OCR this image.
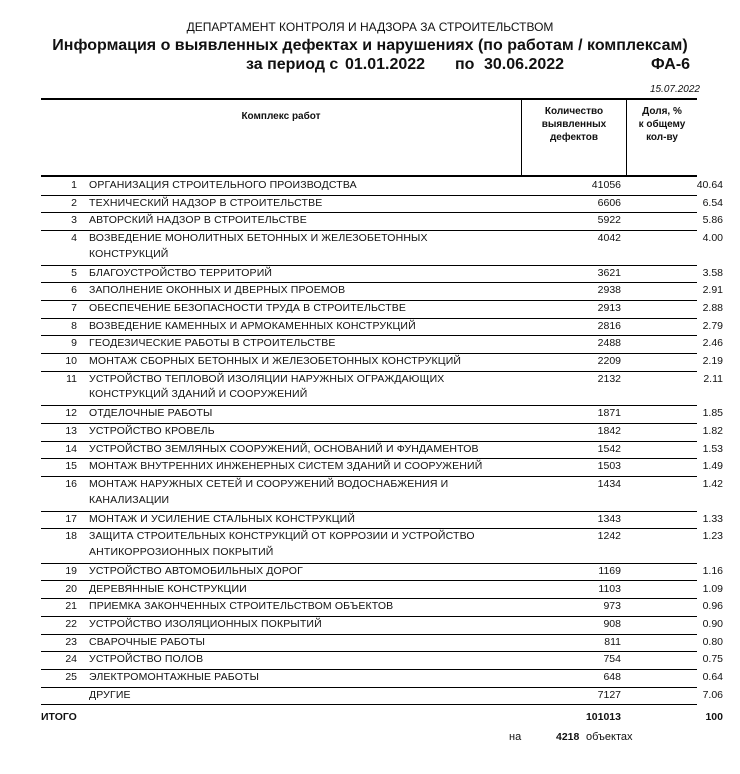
ДЕПАРТАМЕНТ КОНТРОЛЯ И НАДЗОРА ЗА СТРОИТЕЛЬСТВОМ
Информация о выявленных дефектах и нарушениях (по работам / комплексам)
за период с 01.01.2022 по 30.06.2022	ФА-6
15.07.2022
Комплекс работ	Количество
выявленных
дефектов
Доля, %
к общему
кол-ву
1 ОРГАНИЗАЦИЯ СТРОИТЕЛЬНОГО ПРОИЗВОДСТВА	41056	40.64
2 ТЕХНИЧЕСКИЙ НАДЗОР В СТРОИТЕЛЬСТВЕ	6606	6.54
3 АВТОРСКИЙ НАДЗОР В СТРОИТЕЛЬСТВЕ	5922	5.86
4 ВОЗВЕДЕНИЕ МОНОЛИТНЫХ БЕТОННЫХ И ЖЕЛЕЗОБЕТОННЫХ
КОНСТРУКЦИЙ
4042	4.00
5 БЛАГОУСТРОЙСТВО ТЕРРИТОРИЙ	3621	3.58
6 ЗАПОЛНЕНИЕ ОКОННЫХ И ДВЕРНЫХ ПРОЕМОВ	2938	2.91
7 ОБЕСПЕЧЕНИЕ БЕЗОПАСНОСТИ ТРУДА В СТРОИТЕЛЬСТВЕ	2913	2.88
8 ВОЗВЕДЕНИЕ КАМЕННЫХ И АРМОКАМЕННЫХ КОНСТРУКЦИЙ	2816	2.79
9 ГЕОДЕЗИЧЕСКИЕ РАБОТЫ В СТРОИТЕЛЬСТВЕ	2488	2.46
10 МОНТАЖ СБОРНЫХ БЕТОННЫХ И ЖЕЛЕЗОБЕТОННЫХ КОНСТРУКЦИЙ	2209	2.19
11 УСТРОЙСТВО ТЕПЛОВОЙ ИЗОЛЯЦИИ НАРУЖНЫХ ОГРАЖДАЮЩИХ
КОНСТРУКЦИЙ ЗДАНИЙ И СООРУЖЕНИЙ
2132	2.11
12 ОТДЕЛОЧНЫЕ РАБОТЫ	1871	1.85
13 УСТРОЙСТВО КРОВЕЛЬ	1842	1.82
14 УСТРОЙСТВО ЗЕМЛЯНЫХ СООРУЖЕНИЙ, ОСНОВАНИЙ И ФУНДАМЕНТОВ	1542	1.53
15 МОНТАЖ ВНУТРЕННИХ ИНЖЕНЕРНЫХ СИСТЕМ ЗДАНИЙ И СООРУЖЕНИЙ	1503	1.49
16 МОНТАЖ НАРУЖНЫХ СЕТЕЙ И СООРУЖЕНИЙ ВОДОСНАБЖЕНИЯ И
КАНАЛИЗАЦИИ
1434	1.42
17 МОНТАЖ И УСИЛЕНИЕ СТАЛЬНЫХ КОНСТРУКЦИЙ	1343	1.33
18 ЗАЩИТА СТРОИТЕЛЬНЫХ КОНСТРУКЦИЙ ОТ КОРРОЗИИ И УСТРОЙСТВО
АНТИКОРРОЗИОННЫХ ПОКРЫТИЙ
1242	1.23
19 УСТРОЙСТВО АВТОМОБИЛЬНЫХ ДОРОГ	1169	1.16
20 ДЕРЕВЯННЫЕ КОНСТРУКЦИИ	1103	1.09
21 ПРИЕМКА ЗАКОНЧЕННЫХ СТРОИТЕЛЬСТВОМ ОБЪЕКТОВ	973	0.96
22 УСТРОЙСТВО ИЗОЛЯЦИОННЫХ ПОКРЫТИЙ	908	0.90
23 СВАРОЧНЫЕ РАБОТЫ	811	0.80
24 УСТРОЙСТВО ПОЛОВ	754	0.75
25 ЭЛЕКТРОМОНТАЖНЫЕ РАБОТЫ	648	0.64
ДРУГИЕ	7127	7.06
ИТОГО	101013	100
на	4218 объектах
